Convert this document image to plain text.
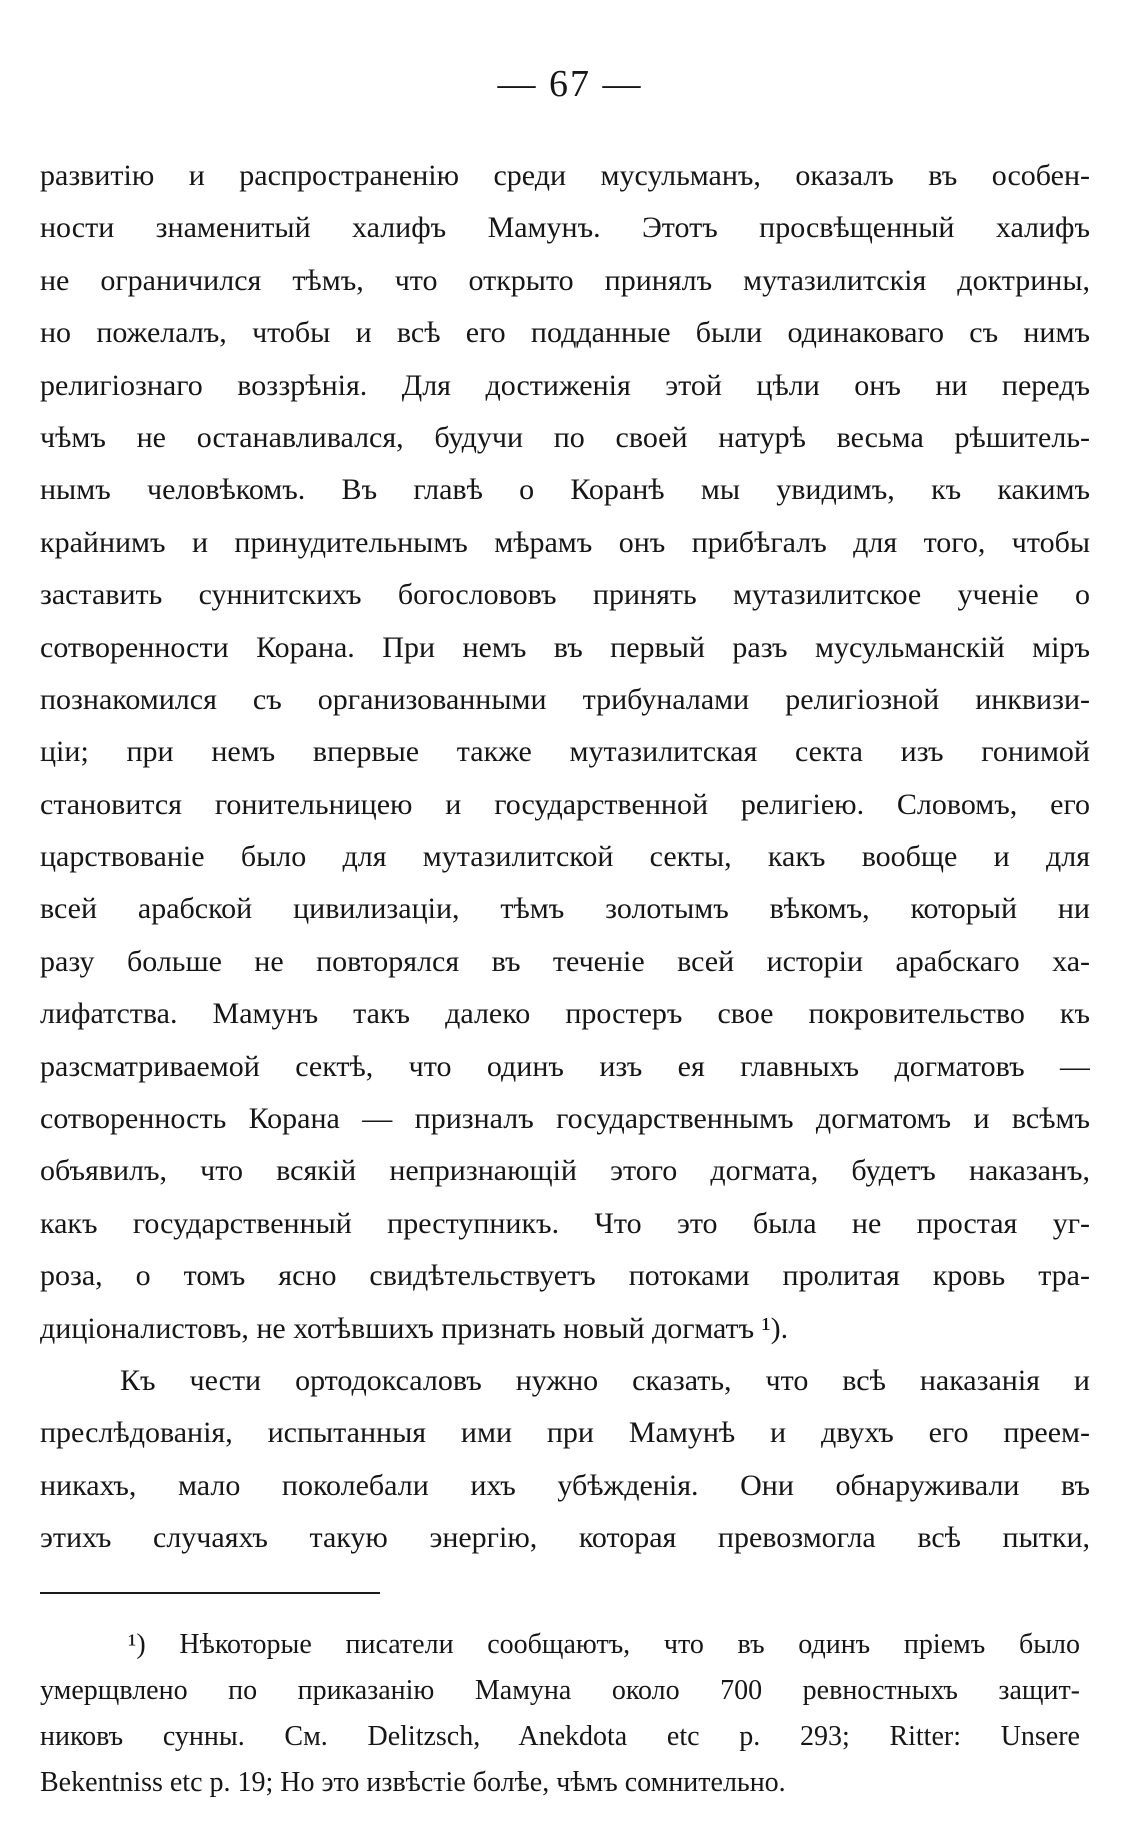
— 67 —
развитію и распространенію среди мусульманъ, оказалъ въ особен-
ности знаменитый халифъ Мамунъ. Этотъ просвѣщенный халифъ
не ограничился тѣмъ, что открыто принялъ мутазилитскія доктрины,
но пожелалъ, чтобы и всѣ его подданные были одинаковаго съ нимъ
религіознаго воззрѣнія. Для достиженія этой цѣли онъ ни передъ
чѣмъ не останавливался, будучи по своей натурѣ весьма рѣшитель-
нымъ человѣкомъ. Въ главѣ о Коранѣ мы увидимъ, къ какимъ
крайнимъ и принудительнымъ мѣрамъ онъ прибѣгалъ для того, чтобы
заставить суннитскихъ богослововъ принять мутазилитское ученіе о
сотворенности Корана. При немъ въ первый разъ мусульманскій міръ
познакомился съ организованными трибуналами религіозной инквизи-
ціи; при немъ впервые также мутазилитская секта изъ гонимой
становится гонительницею и государственной религіею. Словомъ, его
царствованіе было для мутазилитской секты, какъ вообще и для
всей арабской цивилизаціи, тѣмъ золотымъ вѣкомъ, который ни
разу больше не повторялся въ теченіе всей исторіи арабскаго ха-
лифатства. Мамунъ такъ далеко простеръ свое покровительство къ
разсматриваемой сектѣ, что одинъ изъ ея главныхъ догматовъ —
сотворенность Корана — призналъ государственнымъ догматомъ и всѣмъ
объявилъ, что всякій непризнающій этого догмата, будетъ наказанъ,
какъ государственный преступникъ. Что это была не простая уг-
роза, о томъ ясно свидѣтельствуетъ потоками пролитая кровь тра-
диціоналистовъ, не хотѣвшихъ признать новый догматъ ¹).
Къ чести ортодоксаловъ нужно сказать, что всѣ наказанія и
преслѣдованія, испытанныя ими при Мамунѣ и двухъ его преем-
никахъ, мало поколебали ихъ убѣжденія. Они обнаруживали въ
этихъ случаяхъ такую энергію, которая превозмогла всѣ пытки,
¹) Нѣкоторые писатели сообщаютъ, что въ одинъ пріемъ было
умерщвлено по приказанію Мамуна около 700 ревностныхъ защит-
никовъ сунны. См. Delitzsch, Anekdota etc p. 293; Ritter: Unsere
Bekentniss etc p. 19; Но это извѣстіе болѣе, чѣмъ сомнительно.
